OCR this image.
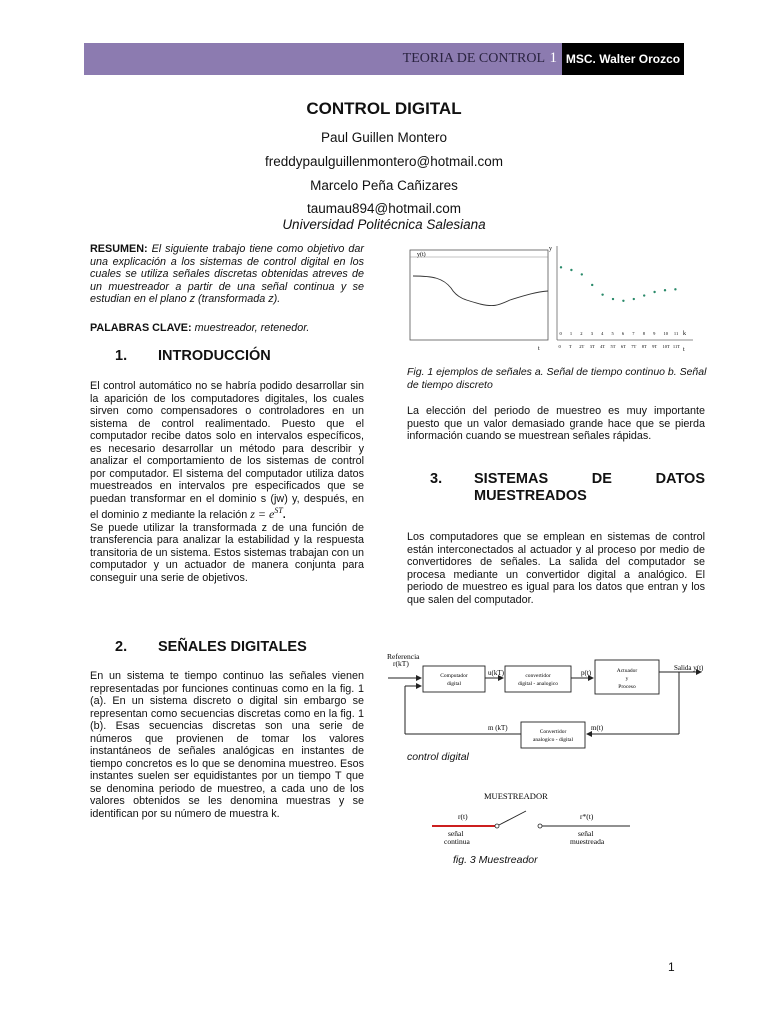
TEORIA DE CONTROL 1 MSC. Walter Orozco
CONTROL DIGITAL
Paul Guillen Montero
freddypaulguillenmontero@hotmail.com
Marcelo Peña Cañizares
taumau894@hotmail.com
Universidad Politécnica Salesiana
RESUMEN: El siguiente trabajo tiene como objetivo dar una explicación a los sistemas de control digital en los cuales se utiliza señales discretas obtenidas atreves de un muestreador a partir de una señal continua y se estudian en el plano z (transformada z).
PALABRAS CLAVE: muestreador, retenedor.
1. INTRODUCCIÓN
El control automático no se habría podido desarrollar sin la aparición de los computadores digitales, los cuales sirven como compensadores o controladores en un sistema de control realimentado. Puesto que el computador recibe datos solo en intervalos específicos, es necesario desarrollar un método para describir y analizar el comportamiento de los sistemas de control por computador. El sistema del computador utiliza datos muestreados en intervalos pre especificados que se puedan transformar en el dominio s (jw) y, después, en el dominio z mediante la relación $z = e^{ST}$.
Se puede utilizar la transformada z de una función de transferencia para analizar la estabilidad y la respuesta transitoria de un sistema. Estos sistemas trabajan con un computador y un actuador de manera conjunta para conseguir una serie de objetivos.
2. SEÑALES DIGITALES
En un sistema te tiempo continuo las señales vienen representadas por funciones continuas como en la fig. 1 (a). En un sistema discreto o digital sin embargo se representan como secuencias discretas como en la fig. 1 (b). Esas secuencias discretas son una serie de números que provienen de tomar los valores instantáneos de señales analógicas en instantes de tiempo concretos es lo que se denomina muestreo. Esos instantes suelen ser equidistantes por un tiempo T que se denomina periodo de muestreo, a cada uno de los valores obtenidos se les denomina muestras y se identifican por su número de muestra k.
y(t)
t
y
k
t
0 1 2 3 4 5 6 7 8 9 10 11
0 T 2T 3T 4T 5T 6T 7T 8T 9T 10T 11T
Fig. 1 ejemplos de señales a. Señal de tiempo continuo b. Señal de tiempo discreto
La elección del periodo de muestreo es muy importante puesto que un valor demasiado grande hace que se pierda información cuando se muestrean señales rápidas.
3. SISTEMAS DE DATOS
MUESTREADOS
Los computadores que se emplean en sistemas de control están interconectados al actuador y al proceso por medio de convertidores de señales. La salida del computador se procesa mediante un convertidor digital a analógico. El periodo de muestreo es igual para los datos que entran y los que salen del computador.
Referencia
r(kT)
Computador
digital
u(kT)	convertidor
digital - analogico
p(t)	Actuador
y
Proceso
Salida y(t)
m(t)
Convertidor
analogico - digital
m (kT)
control digital
MUESTREADOR
r(t)	r*(t)
señal
continua
señal
muestreada
fig. 3 Muestreador
1
